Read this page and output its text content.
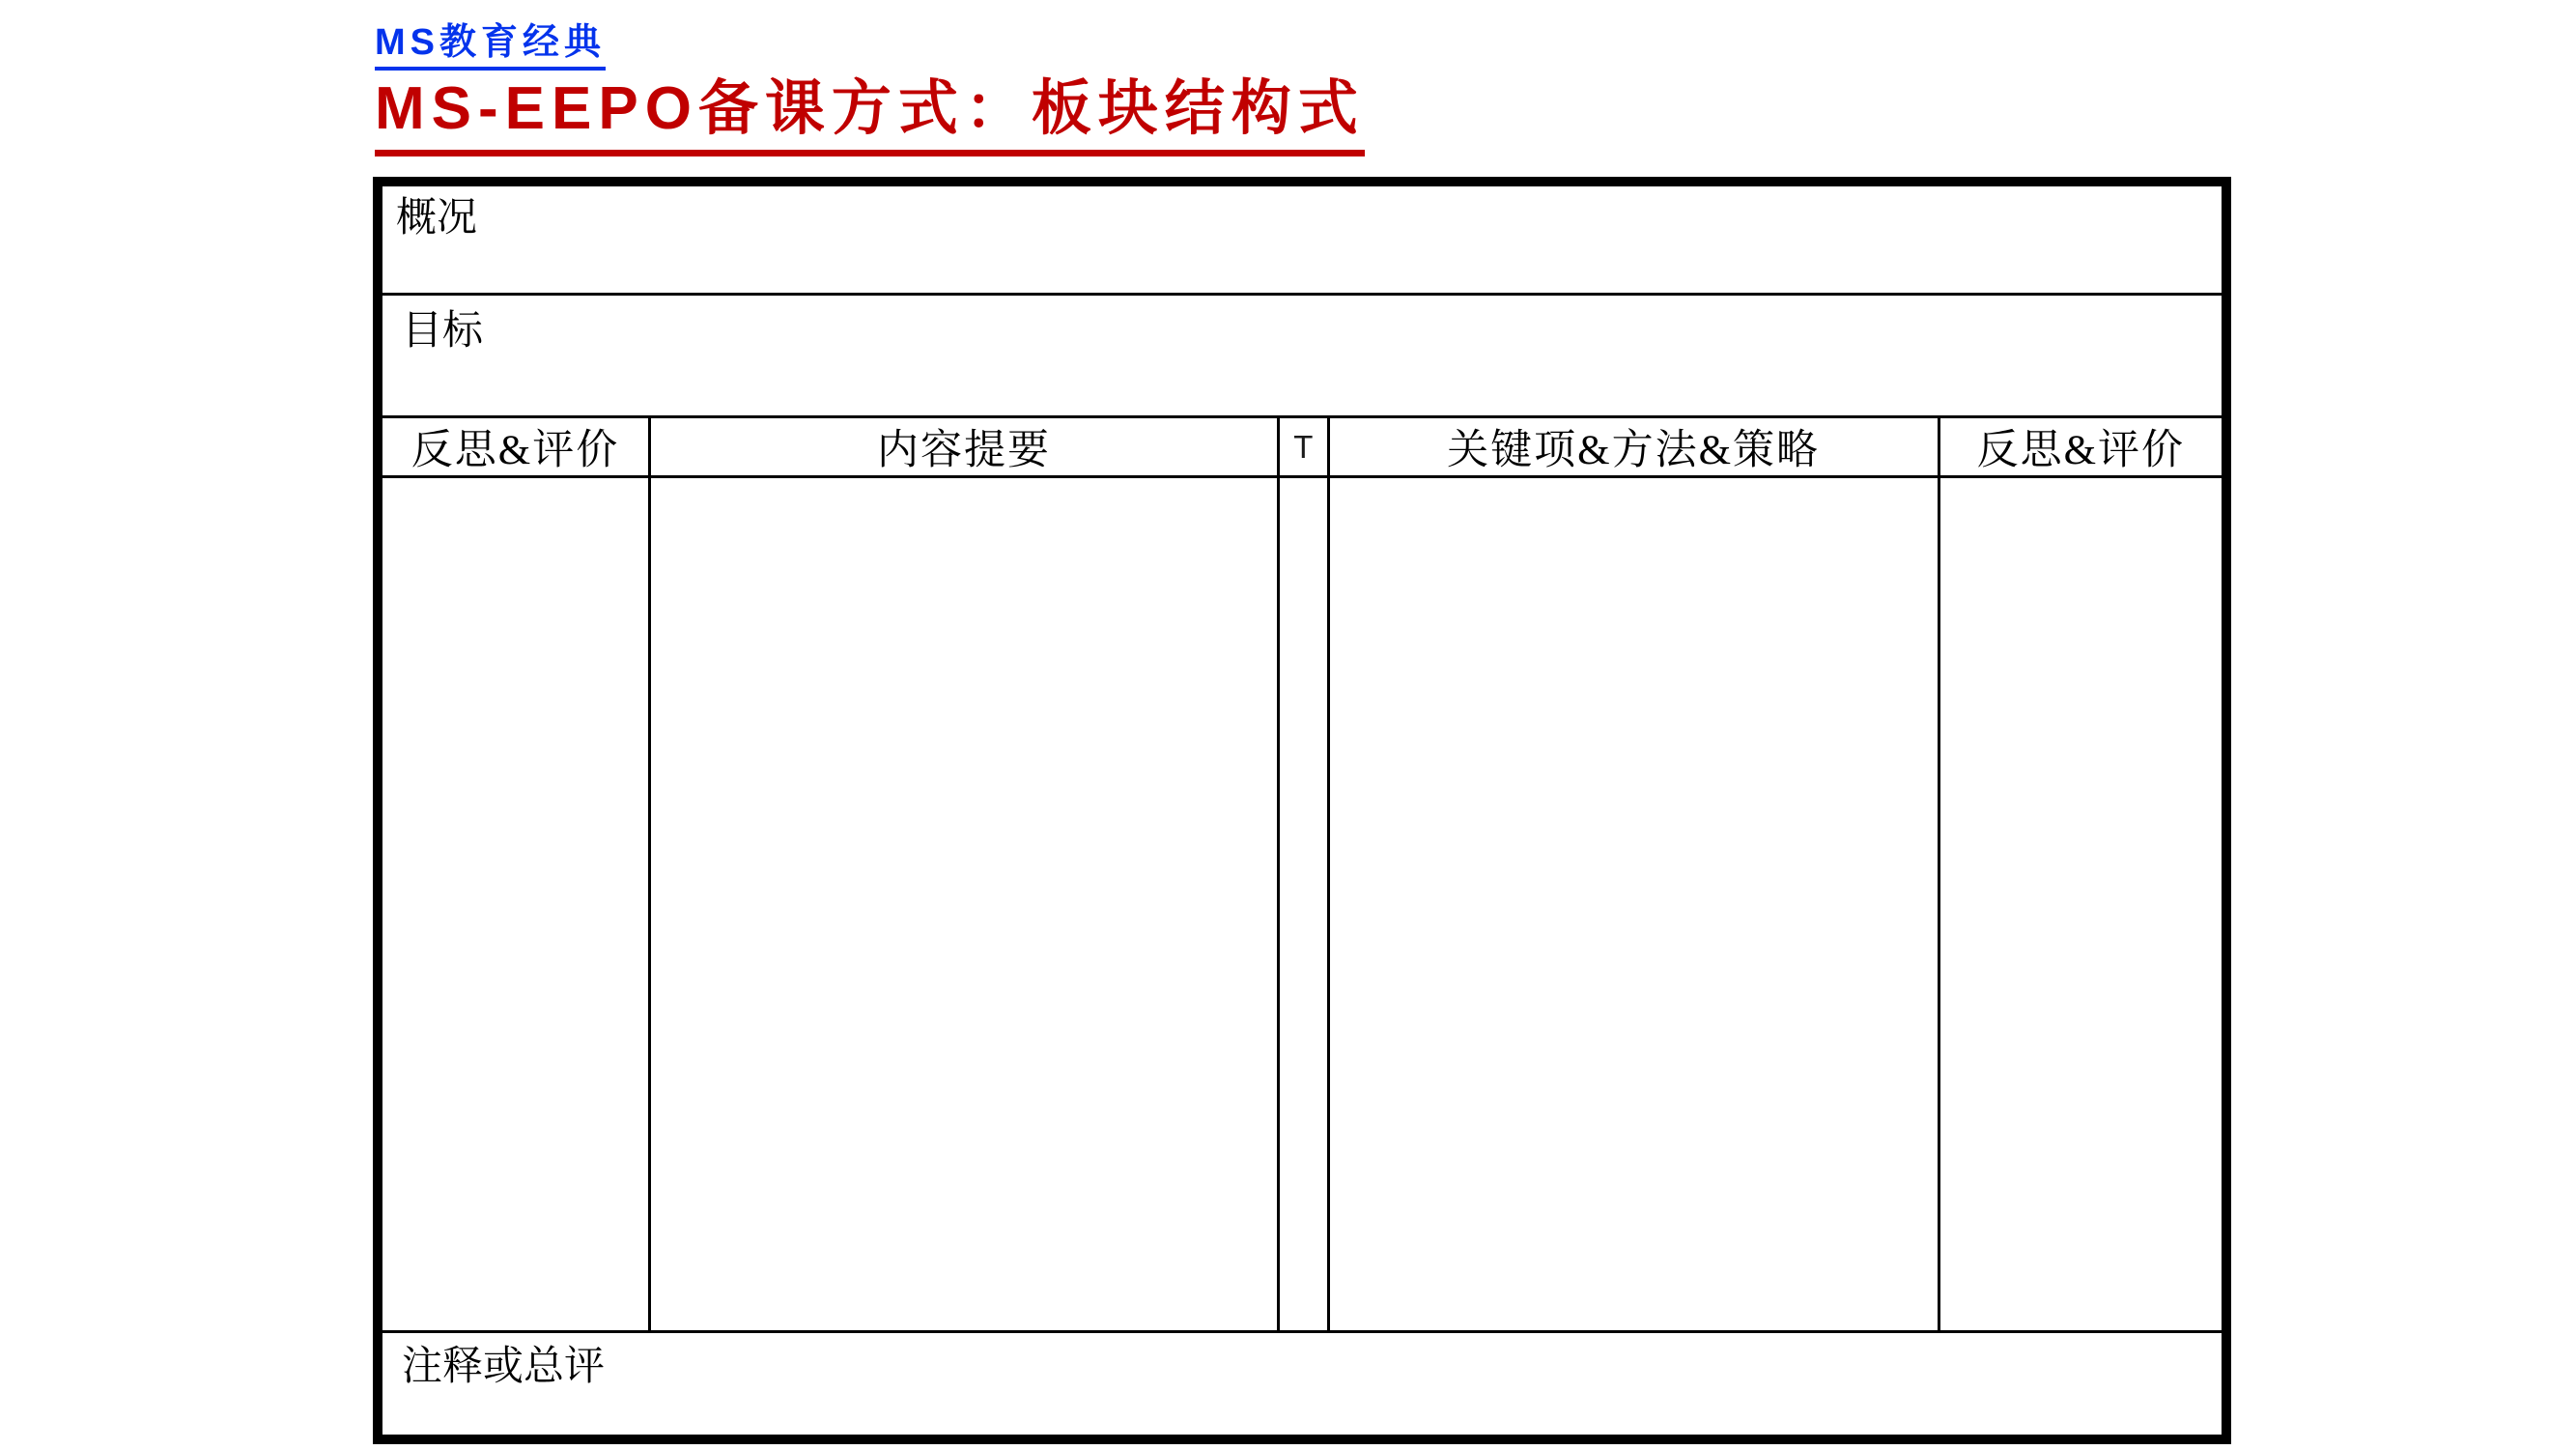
MS教育经典
MS-EEPO备课方式：板块结构式
概况
目标
反思&评价	内容提要	T	关键项&方法&策略	反思&评价
注释或总评
